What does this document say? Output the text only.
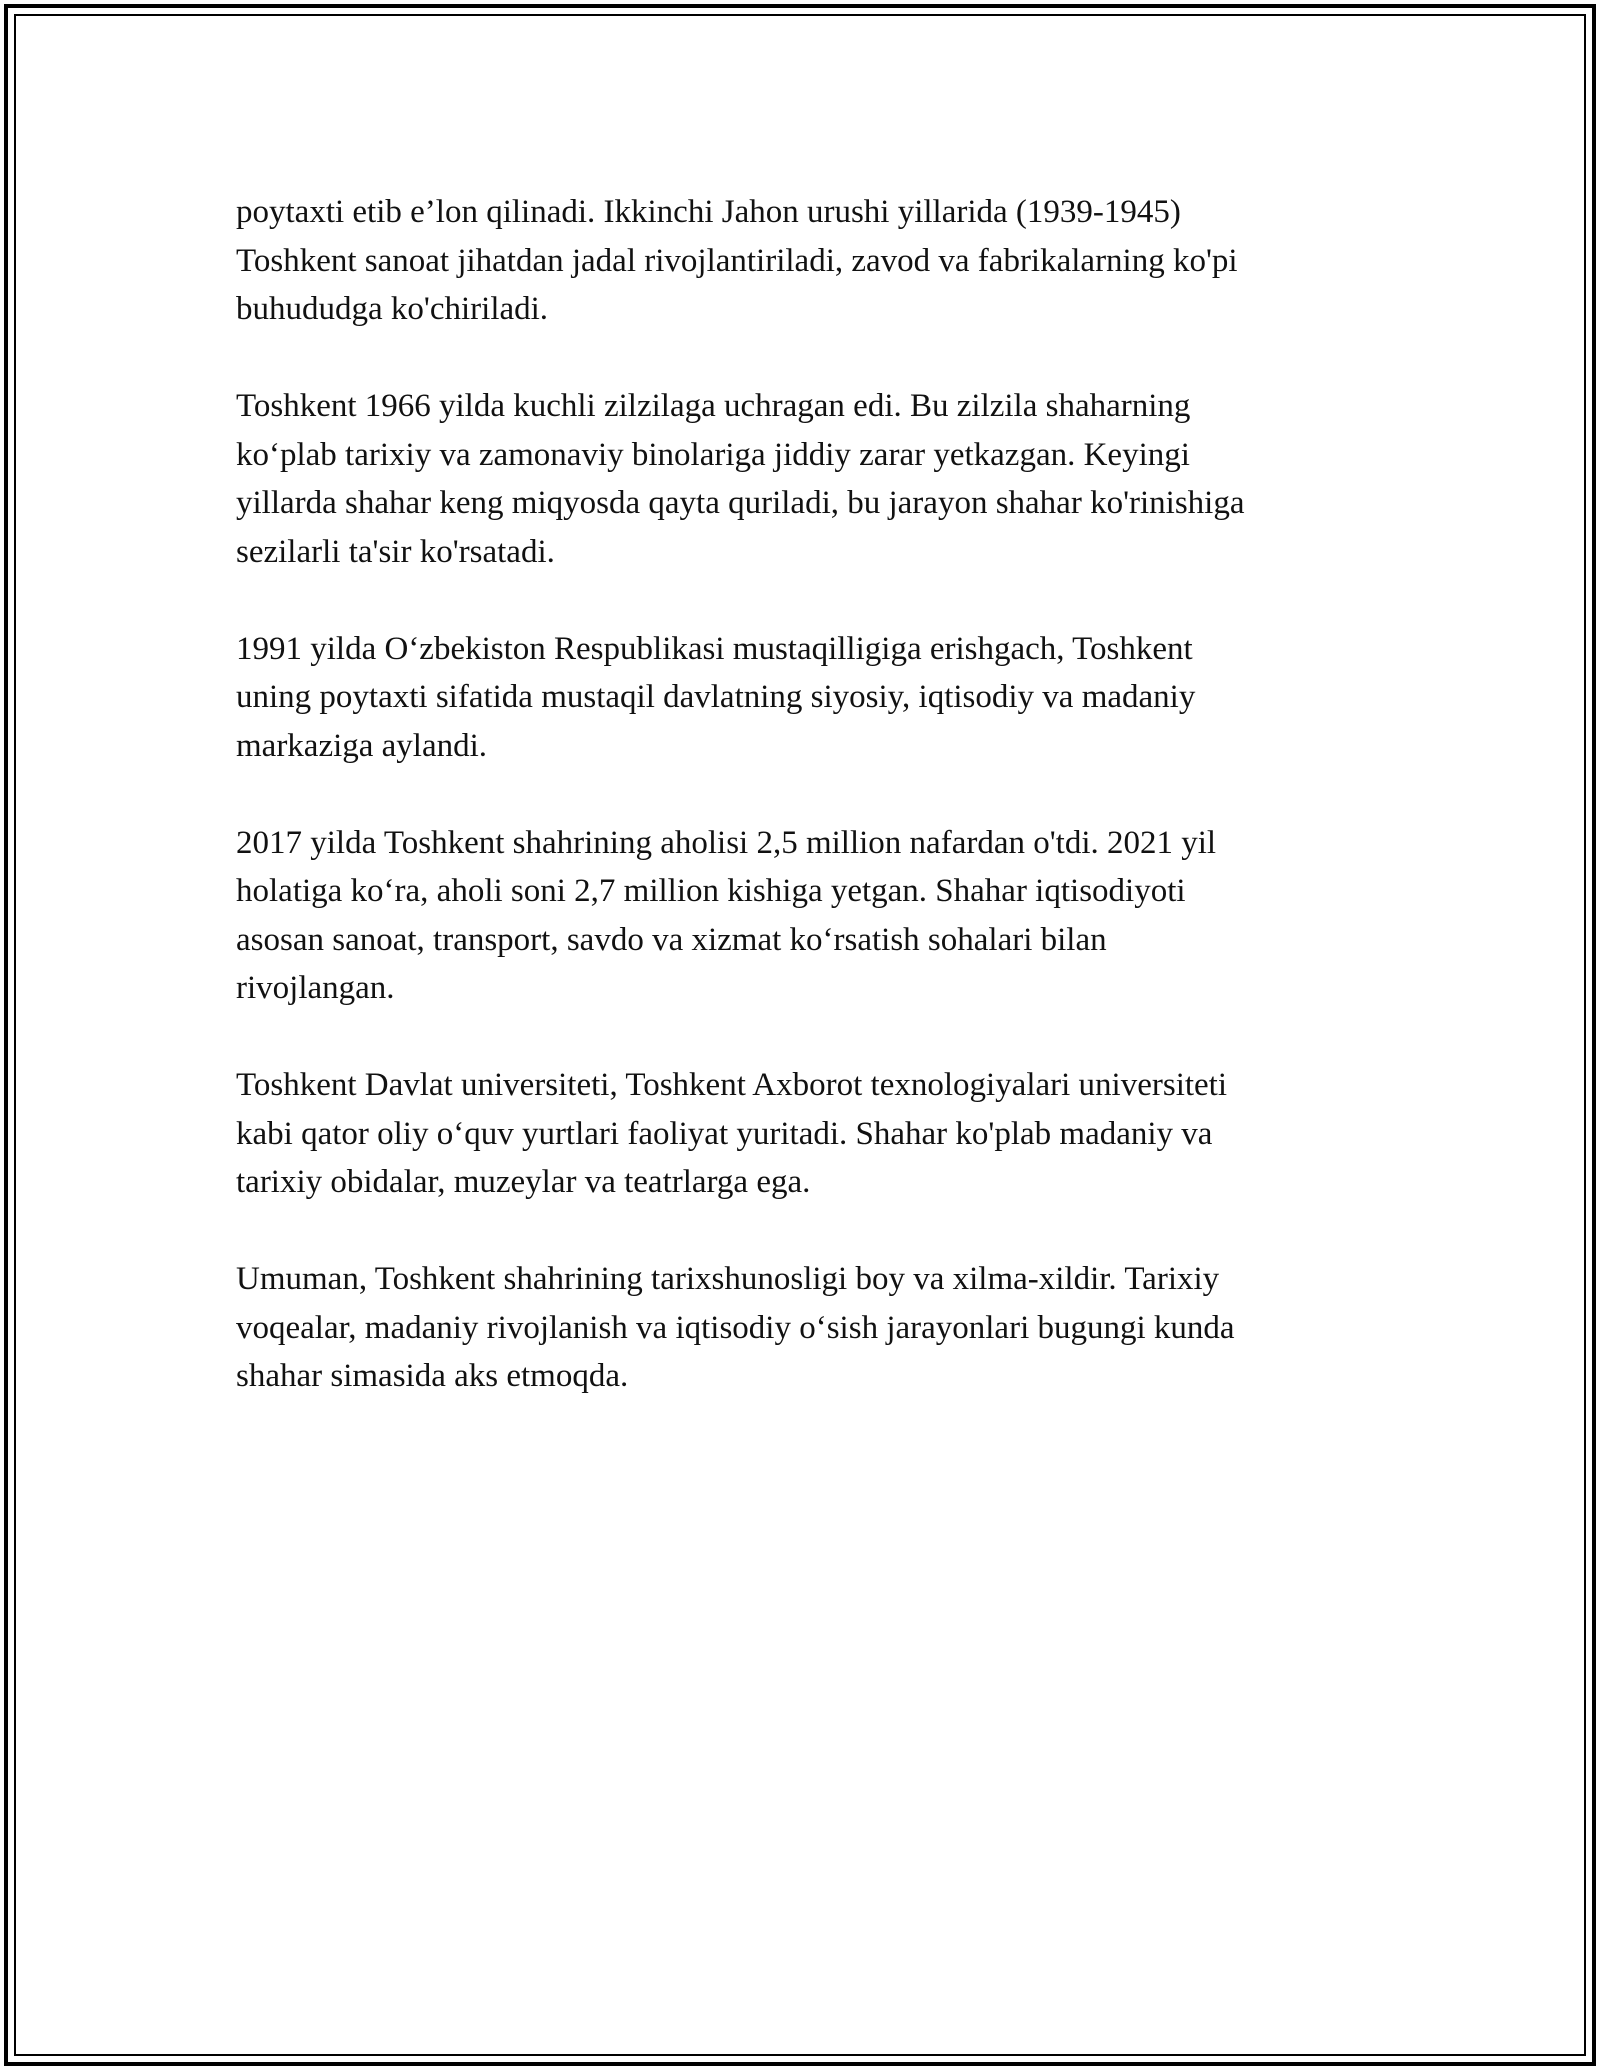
poytaxti etib e’lon qilinadi. Ikkinchi Jahon urushi yillarida (1939-1945)
Toshkent sanoat jihatdan jadal rivojlantiriladi, zavod va fabrikalarning ko'pi
buhududga ko'chiriladi.

Toshkent 1966 yilda kuchli zilzilaga uchragan edi. Bu zilzila shaharning
ko‘plab tarixiy va zamonaviy binolariga jiddiy zarar yetkazgan. Keyingi
yillarda shahar keng miqyosda qayta quriladi, bu jarayon shahar ko'rinishiga
sezilarli ta'sir ko'rsatadi.

1991 yilda O‘zbekiston Respublikasi mustaqilligiga erishgach, Toshkent
uning poytaxti sifatida mustaqil davlatning siyosiy, iqtisodiy va madaniy
markaziga aylandi.

2017 yilda Toshkent shahrining aholisi 2,5 million nafardan o'tdi. 2021 yil
holatiga ko‘ra, aholi soni 2,7 million kishiga yetgan. Shahar iqtisodiyoti
asosan sanoat, transport, savdo va xizmat ko‘rsatish sohalari bilan
rivojlangan.

Toshkent Davlat universiteti, Toshkent Axborot texnologiyalari universiteti
kabi qator oliy o‘quv yurtlari faoliyat yuritadi. Shahar ko'plab madaniy va
tarixiy obidalar, muzeylar va teatrlarga ega.

Umuman, Toshkent shahrining tarixshunosligi boy va xilma-xildir. Tarixiy
voqealar, madaniy rivojlanish va iqtisodiy o‘sish jarayonlari bugungi kunda
shahar simasida aks etmoqda.
